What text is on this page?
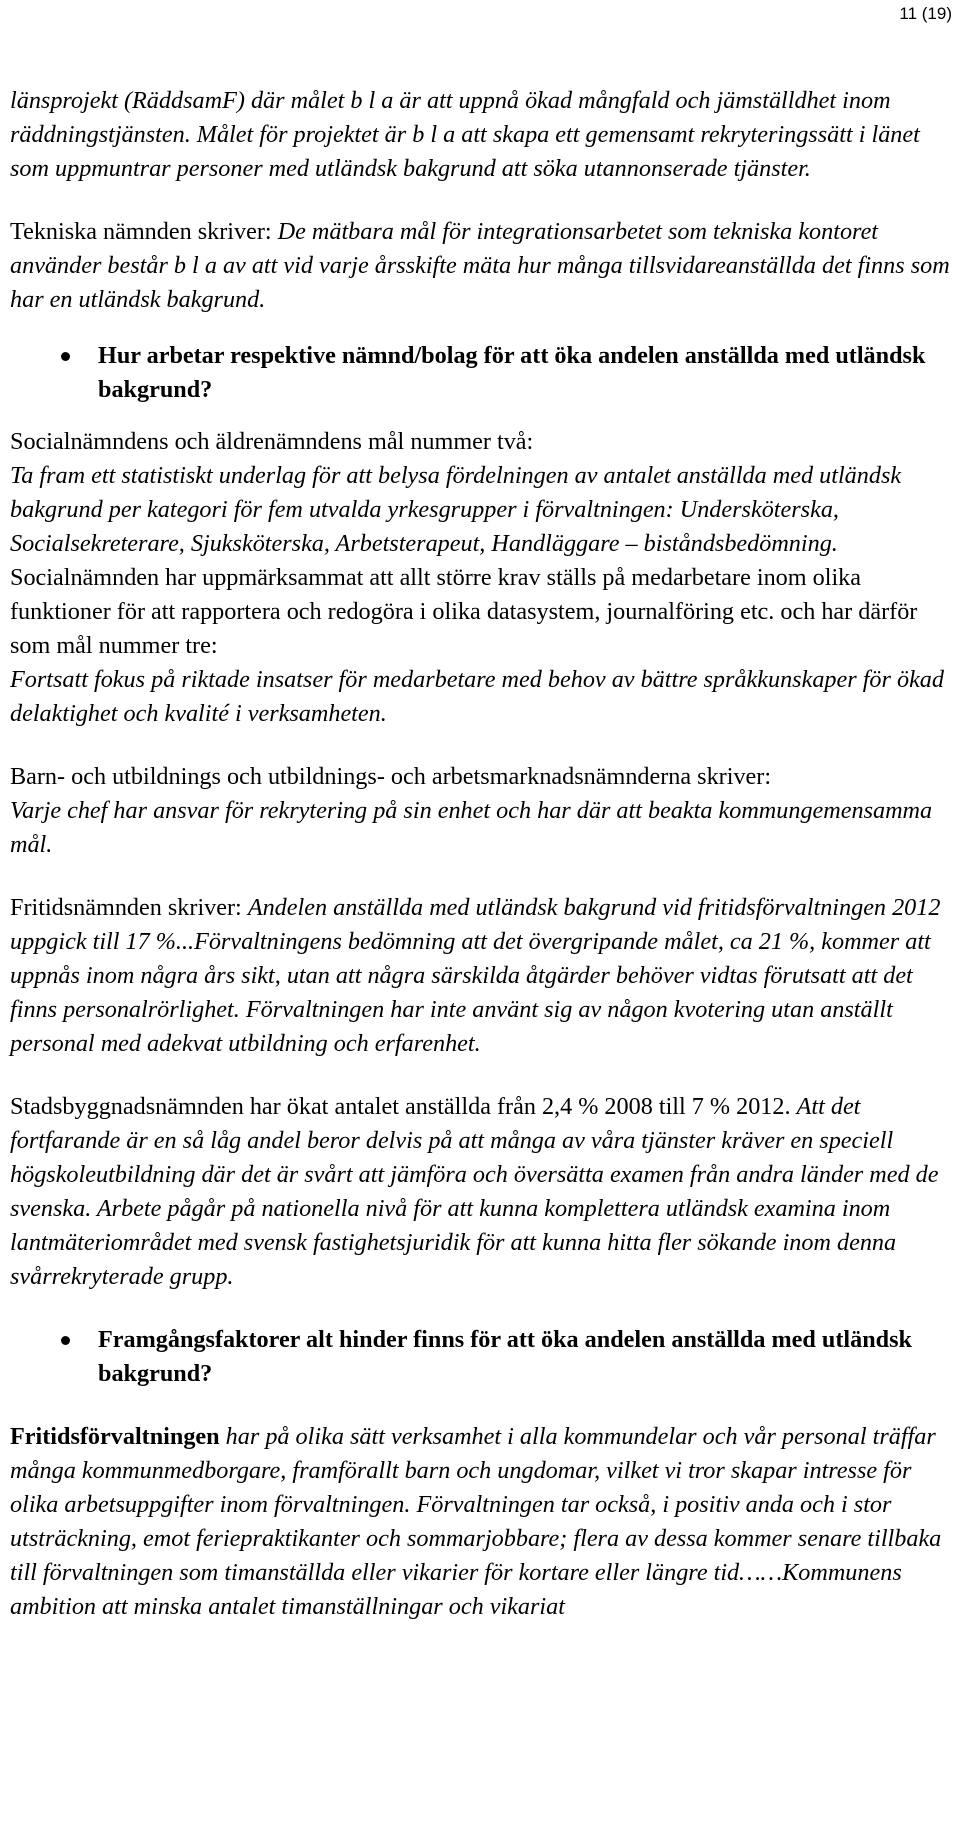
11 (19)

länsprojekt (RäddsamF) där målet b l a är att uppnå ökad mångfald och jämställdhet inom räddningstjänsten. Målet för projektet är b l a att skapa ett gemensamt rekryteringssätt i länet som uppmuntrar personer med utländsk bakgrund att söka utannonserade tjänster.

Tekniska nämnden skriver: De mätbara mål för integrationsarbetet som tekniska kontoret använder består b l a av att vid varje årsskifte mäta hur många tillsvidareanställda det finns som har en utländsk bakgrund.

Hur arbetar respektive nämnd/bolag för att öka andelen anställda med utländsk bakgrund?

Socialnämndens och äldrenämndens mål nummer två:

Ta fram ett statistiskt underlag för att belysa fördelningen av antalet anställda med utländsk bakgrund per kategori för fem utvalda yrkesgrupper i förvaltningen: Undersköterska, Socialsekreterare, Sjuksköterska, Arbetsterapeut, Handläggare – biståndsbedömning.

Socialnämnden har uppmärksammat att allt större krav ställs på medarbetare inom olika funktioner för att rapportera och redogöra i olika datasystem, journalföring etc. och har därför som mål nummer tre:

Fortsatt fokus på riktade insatser för medarbetare med behov av bättre språkkunskaper för ökad delaktighet och kvalité i verksamheten.

Barn- och utbildnings och utbildnings- och arbetsmarknadsnämnderna skriver:

Varje chef har ansvar för rekrytering på sin enhet och har där att beakta kommungemensamma mål.

Fritidsnämnden skriver: Andelen anställda med utländsk bakgrund vid fritidsförvaltningen 2012 uppgick till 17 %...Förvaltningens bedömning att det övergripande målet, ca 21 %, kommer att uppnås inom några års sikt, utan att några särskilda åtgärder behöver vidtas förutsatt att det finns personalrörlighet. Förvaltningen har inte använt sig av någon kvotering utan anställt personal med adekvat utbildning och erfarenhet.

Stadsbyggnadsnämnden har ökat antalet anställda från 2,4 % 2008 till 7 % 2012. Att det fortfarande är en så låg andel beror delvis på att många av våra tjänster kräver en speciell högskoleutbildning där det är svårt att jämföra och översätta examen från andra länder med de svenska. Arbete pågår på nationella nivå för att kunna komplettera utländsk examina inom lantmäteriområdet med svensk fastighetsjuridik för att kunna hitta fler sökande inom denna svårrekryterade grupp.

Framgångsfaktorer alt hinder finns för att öka andelen anställda med utländsk bakgrund?

Fritidsförvaltningen har på olika sätt verksamhet i alla kommundelar och vår personal träffar många kommunmedborgare, framförallt barn och ungdomar, vilket vi tror skapar intresse för olika arbetsuppgifter inom förvaltningen. Förvaltningen tar också, i positiv anda och i stor utsträckning, emot feriepraktikanter och sommarjobbare; flera av dessa kommer senare tillbaka till förvaltningen som timanställda eller vikarier för kortare eller längre tid……Kommunens ambition att minska antalet timanställningar och vikariat
